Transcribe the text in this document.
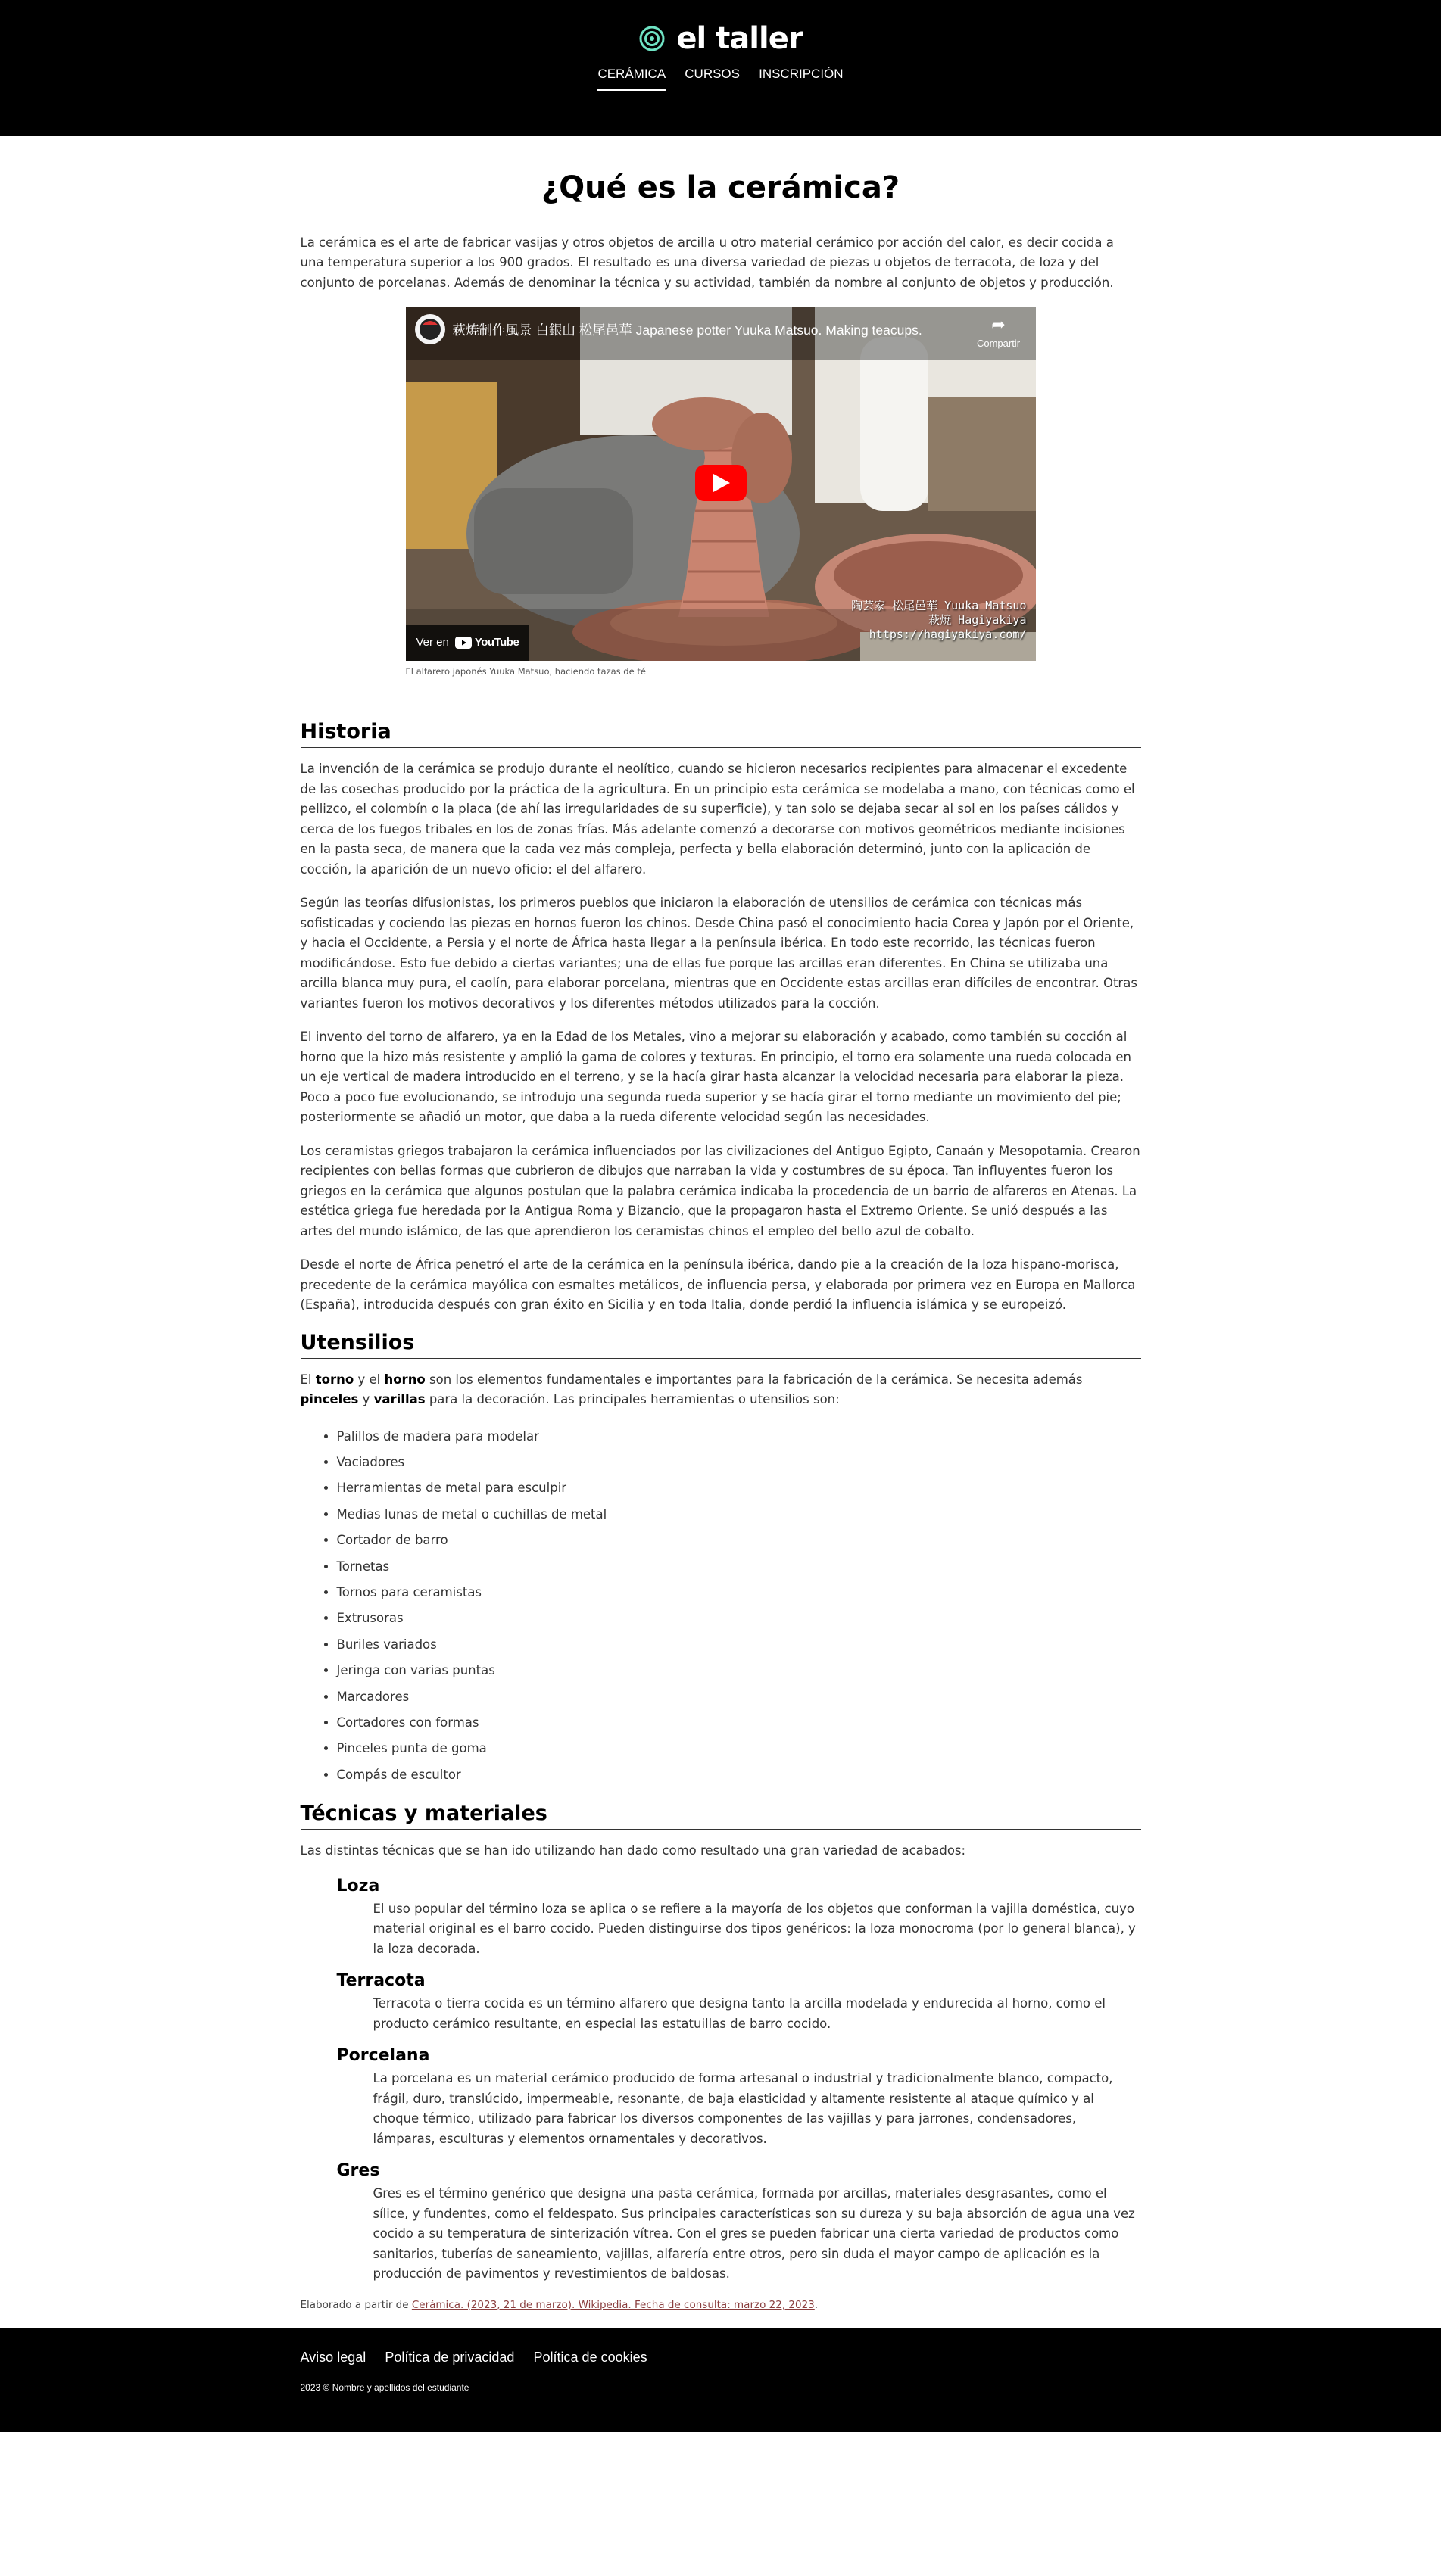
el taller
CERÁMICA CURSOS INSCRIPCIÓN
¿Qué es la cerámica?

La cerámica es el arte de fabricar vasijas y otros objetos de arcilla u otro material cerámico por acción del calor, es decir cocida a una temperatura superior a los 900 grados. El resultado es una diversa variedad de piezas u objetos de terracota, de loza y del conjunto de porcelanas. Además de denominar la técnica y su actividad, también da nombre al conjunto de objetos y producción.

萩焼制作風景 白銀山 松尾邑華 Japanese potter Yuuka Matsuo. Making teacups.	➦
Compartir
陶芸家 松尾邑華 Yuuka Matsuo
萩焼 Hagiyakiya
https://hagiyakiya.com/
Ver en YouTube
El alfarero japonés Yuuka Matsuo, haciendo tazas de té
Historia

La invención de la cerámica se produjo durante el neolítico, cuando se hicieron necesarios recipientes para almacenar el excedente de las cosechas producido por la práctica de la agricultura. En un principio esta cerámica se modelaba a mano, con técnicas como el pellizco, el colombín o la placa (de ahí las irregularidades de su superficie), y tan solo se dejaba secar al sol en los países cálidos y cerca de los fuegos tribales en los de zonas frías. Más adelante comenzó a decorarse con motivos geométricos mediante incisiones en la pasta seca, de manera que la cada vez más compleja, perfecta y bella elaboración determinó, junto con la aplicación de cocción, la aparición de un nuevo oficio: el del alfarero.

Según las teorías difusionistas, los primeros pueblos que iniciaron la elaboración de utensilios de cerámica con técnicas más sofisticadas y cociendo las piezas en hornos fueron los chinos. Desde China pasó el conocimiento hacia Corea y Japón por el Oriente, y hacia el Occidente, a Persia y el norte de África hasta llegar a la península ibérica. En todo este recorrido, las técnicas fueron modificándose. Esto fue debido a ciertas variantes; una de ellas fue porque las arcillas eran diferentes. En China se utilizaba una arcilla blanca muy pura, el caolín, para elaborar porcelana, mientras que en Occidente estas arcillas eran difíciles de encontrar. Otras variantes fueron los motivos decorativos y los diferentes métodos utilizados para la cocción.

El invento del torno de alfarero, ya en la Edad de los Metales, vino a mejorar su elaboración y acabado, como también su cocción al horno que la hizo más resistente y amplió la gama de colores y texturas. En principio, el torno era solamente una rueda colocada en un eje vertical de madera introducido en el terreno, y se la hacía girar hasta alcanzar la velocidad necesaria para elaborar la pieza. Poco a poco fue evolucionando, se introdujo una segunda rueda superior y se hacía girar el torno mediante un movimiento del pie; posteriormente se añadió un motor, que daba a la rueda diferente velocidad según las necesidades.

Los ceramistas griegos trabajaron la cerámica influenciados por las civilizaciones del Antiguo Egipto, Canaán y Mesopotamia. Crearon recipientes con bellas formas que cubrieron de dibujos que narraban la vida y costumbres de su época. Tan influyentes fueron los griegos en la cerámica que algunos postulan que la palabra cerámica indicaba la procedencia de un barrio de alfareros en Atenas. La estética griega fue heredada por la Antigua Roma y Bizancio, que la propagaron hasta el Extremo Oriente. Se unió después a las artes del mundo islámico, de las que aprendieron los ceramistas chinos el empleo del bello azul de cobalto.

Desde el norte de África penetró el arte de la cerámica en la península ibérica, dando pie a la creación de la loza hispano-morisca, precedente de la cerámica mayólica con esmaltes metálicos, de influencia persa, y elaborada por primera vez en Europa en Mallorca (España), introducida después con gran éxito en Sicilia y en toda Italia, donde perdió la influencia islámica y se europeizó.

Utensilios

El torno y el horno son los elementos fundamentales e importantes para la fabricación de la cerámica. Se necesita además pinceles y varillas para la decoración. Las principales herramientas o utensilios son:

• Palillos de madera para modelar
• Vaciadores
• Herramientas de metal para esculpir
• Medias lunas de metal o cuchillas de metal
• Cortador de barro
• Tornetas
• Tornos para ceramistas
• Extrusoras
• Buriles variados
• Jeringa con varias puntas
• Marcadores
• Cortadores con formas
• Pinceles punta de goma
• Compás de escultor
Técnicas y materiales

Las distintas técnicas que se han ido utilizando han dado como resultado una gran variedad de acabados:

Loza

El uso popular del término loza se aplica o se refiere a la mayoría de los objetos que conforman la vajilla doméstica, cuyo material original es el barro cocido. Pueden distinguirse dos tipos genéricos: la loza monocroma (por lo general blanca), y la loza decorada.

Terracota

Terracota o tierra cocida es un término alfarero que designa tanto la arcilla modelada y endurecida al horno, como el producto cerámico resultante, en especial las estatuillas de barro cocido.

Porcelana

La porcelana es un material cerámico producido de forma artesanal o industrial y tradicionalmente blanco, compacto, frágil, duro, translúcido, impermeable, resonante, de baja elasticidad y altamente resistente al ataque químico y al choque térmico, utilizado para fabricar los diversos componentes de las vajillas y para jarrones, condensadores, lámparas, esculturas y elementos ornamentales y decorativos.

Gres

Gres es el término genérico que designa una pasta cerámica, formada por arcillas, materiales desgrasantes, como el sílice, y fundentes, como el feldespato. Sus principales características son su dureza y su baja absorción de agua una vez cocido a su temperatura de sinterización vítrea. Con el gres se pueden fabricar una cierta variedad de productos como sanitarios, tuberías de saneamiento, vajillas, alfarería entre otros, pero sin duda el mayor campo de aplicación es la producción de pavimentos y revestimientos de baldosas.

Elaborado a partir de Cerámica. (2023, 21 de marzo). Wikipedia. Fecha de consulta: marzo 22, 2023.

Aviso legal Política de privacidad Política de cookies
2023 © Nombre y apellidos del estudiante
